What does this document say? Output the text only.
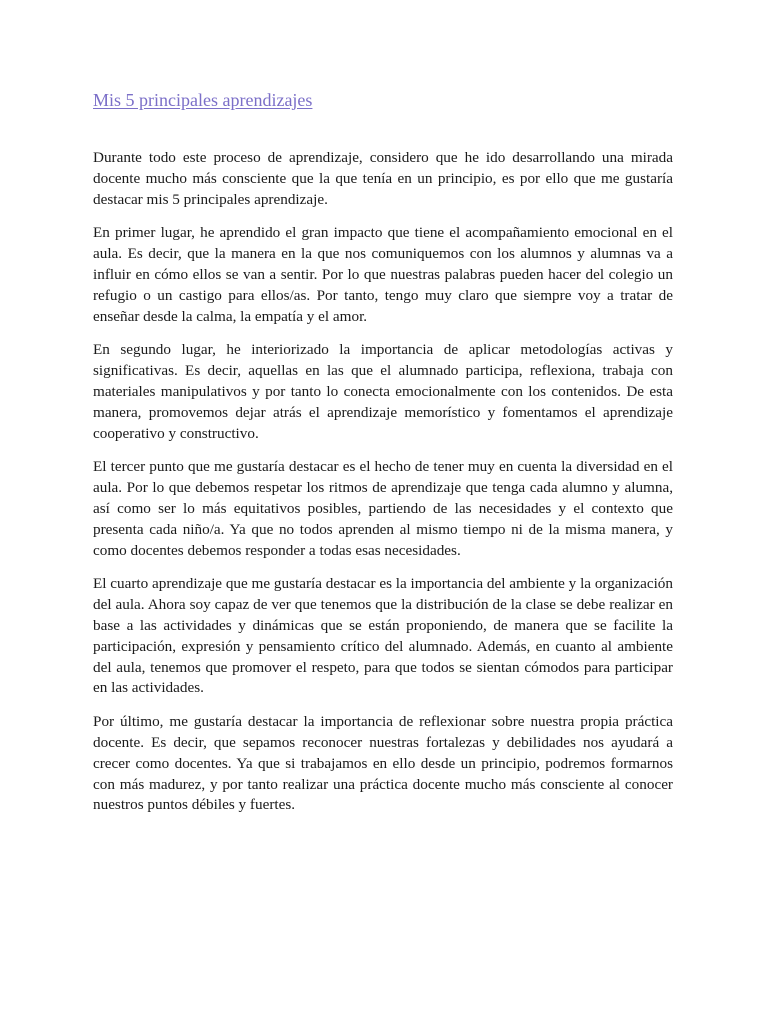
Mis 5 principales aprendizajes

Durante todo este proceso de aprendizaje, considero que he ido desarrollando una mirada docente mucho más consciente que la que tenía en un principio, es por ello que me gustaría destacar mis 5 principales aprendizaje.

En primer lugar, he aprendido el gran impacto que tiene el acompañamiento emocional en el aula. Es decir, que la manera en la que nos comuniquemos con los alumnos y alumnas va a influir en cómo ellos se van a sentir. Por lo que nuestras palabras pueden hacer del colegio un refugio o un castigo para ellos/as. Por tanto, tengo muy claro que siempre voy a tratar de enseñar desde la calma, la empatía y el amor.

En segundo lugar, he interiorizado la importancia de aplicar metodologías activas y significativas. Es decir, aquellas en las que el alumnado participa, reflexiona, trabaja con materiales manipulativos y por tanto lo conecta emocionalmente con los contenidos. De esta manera, promovemos dejar atrás el aprendizaje memorístico y fomentamos el aprendizaje cooperativo y constructivo.

El tercer punto que me gustaría destacar es el hecho de tener muy en cuenta la diversidad en el aula. Por lo que debemos respetar los ritmos de aprendizaje que tenga cada alumno y alumna, así como ser lo más equitativos posibles, partiendo de las necesidades y el contexto que presenta cada niño/a. Ya que no todos aprenden al mismo tiempo ni de la misma manera, y como docentes debemos responder a todas esas necesidades.

El cuarto aprendizaje que me gustaría destacar es la importancia del ambiente y la organización del aula. Ahora soy capaz de ver que tenemos que la distribución de la clase se debe realizar en base a las actividades y dinámicas que se están proponiendo, de manera que se facilite la participación, expresión y pensamiento crítico del alumnado. Además, en cuanto al ambiente del aula, tenemos que promover el respeto, para que todos se sientan cómodos para participar en las actividades.

Por último, me gustaría destacar la importancia de reflexionar sobre nuestra propia práctica docente. Es decir, que sepamos reconocer nuestras fortalezas y debilidades nos ayudará a crecer como docentes. Ya que si trabajamos en ello desde un principio, podremos formarnos con más madurez, y por tanto realizar una práctica docente mucho más consciente al conocer nuestros puntos débiles y fuertes.
